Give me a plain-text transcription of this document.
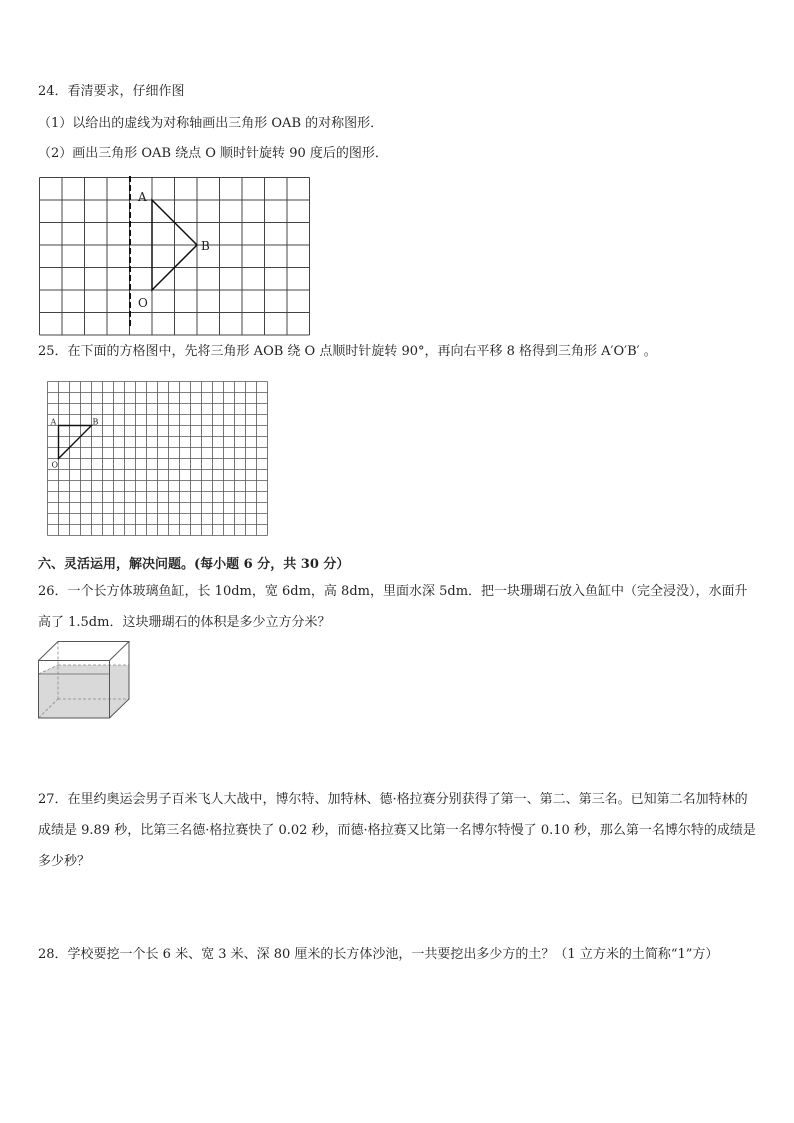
24．看清要求，仔细作图
（1）以给出的虚线为对称轴画出三角形 OAB 的对称图形．
（2）画出三角形 OAB 绕点 O 顺时针旋转 90 度后的图形．
A
B
O
25．在下面的方格图中，先将三角形 AOB 绕 O 点顺时针旋转 90°，再向右平移 8 格得到三角形 A′O′B′ 。
A	B
O
六、灵活运用，解决问题。(每小题 6 分，共 30 分）
26．一个长方体玻璃鱼缸，长 10dm，宽 6dm，高 8dm，里面水深 5dm．把一块珊瑚石放入鱼缸中（完全浸没），水面升高了 1.5dm．这块珊瑚石的体积是多少立方分米？
27．在里约奥运会男子百米飞人大战中，博尔特、加特林、德·格拉赛分别获得了第一、第二、第三名。已知第二名加特林的成绩是 9.89 秒，比第三名德·格拉赛快了 0.02 秒，而德·格拉赛又比第一名博尔特慢了 0.10 秒，那么第一名博尔特的成绩是多少秒？
28．学校要挖一个长 6 米、宽 3 米、深 80 厘米的长方体沙池，一共要挖出多少方的土？（1 立方米的土简称“1”方）
